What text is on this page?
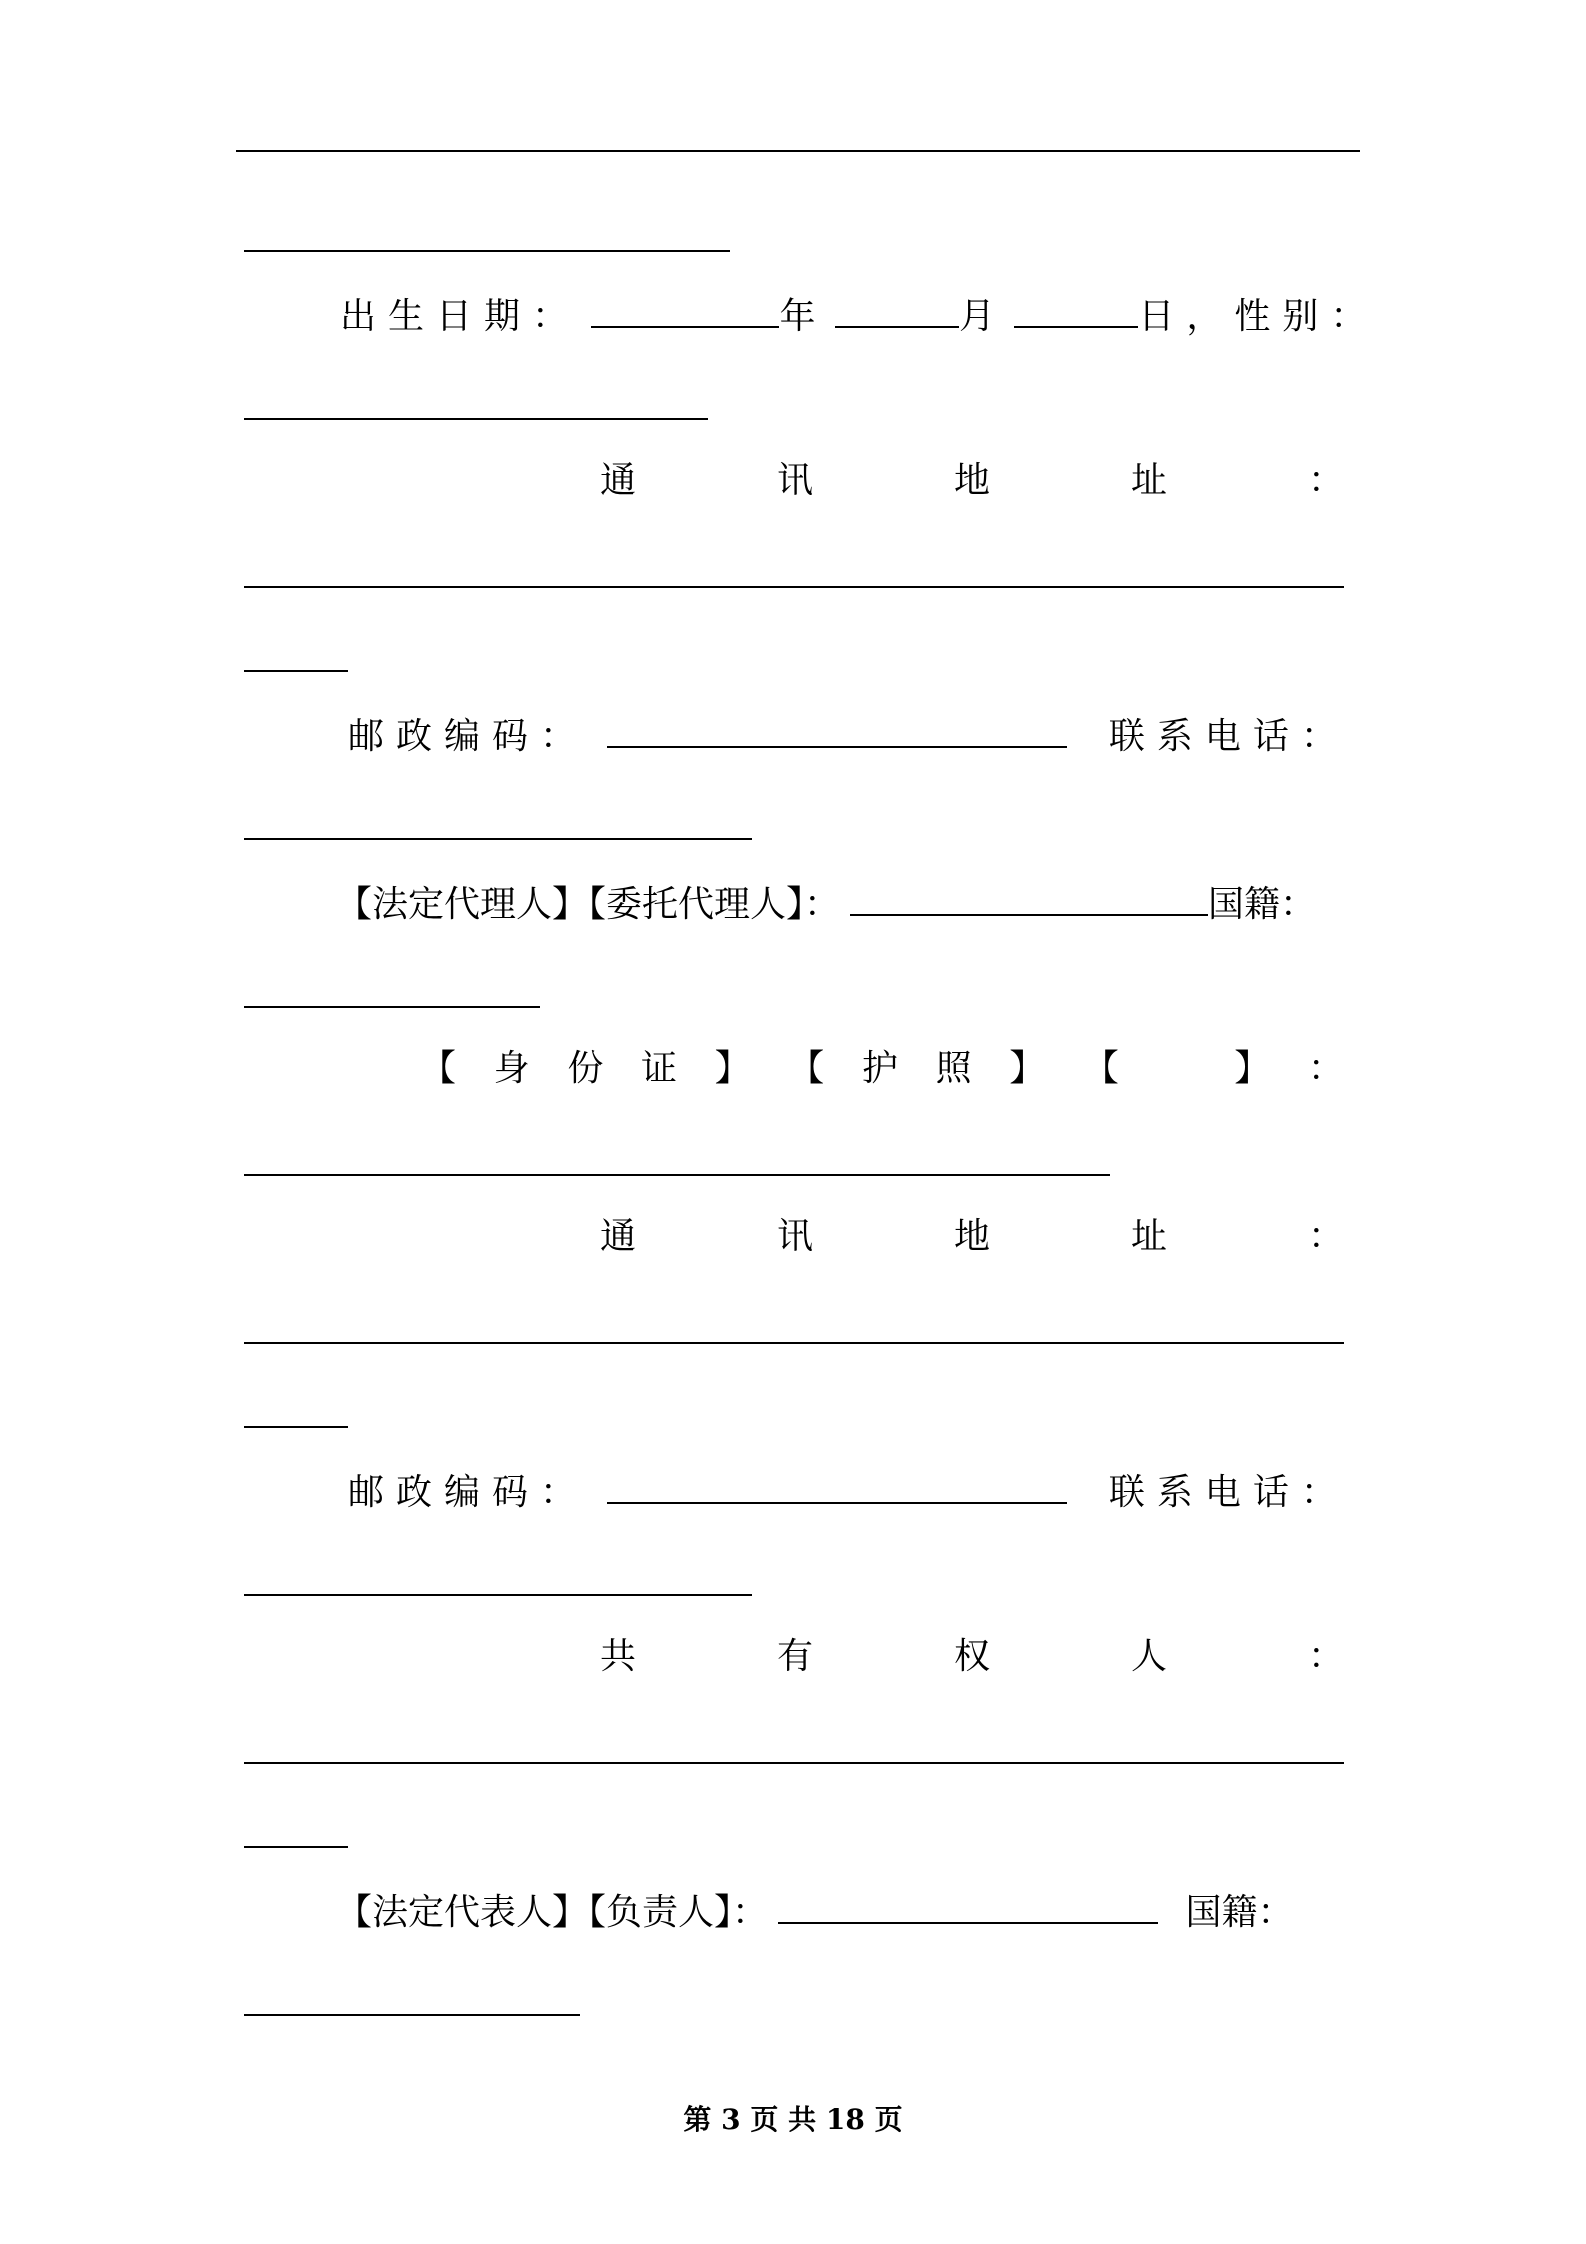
出生日期：	年	月	日，性别：
通	讯	地	址	：
邮政编码：	联系电话：
【法定代理人】【委托代理人】：	国籍：
【 身 份 证 】 【 护 照 】 【	】 ：
通	讯	地	址	：
邮政编码：	联系电话：
共	有	权	人	：
【法定代表人】【负责人】：	国籍：
第 3 页 共 18 页
